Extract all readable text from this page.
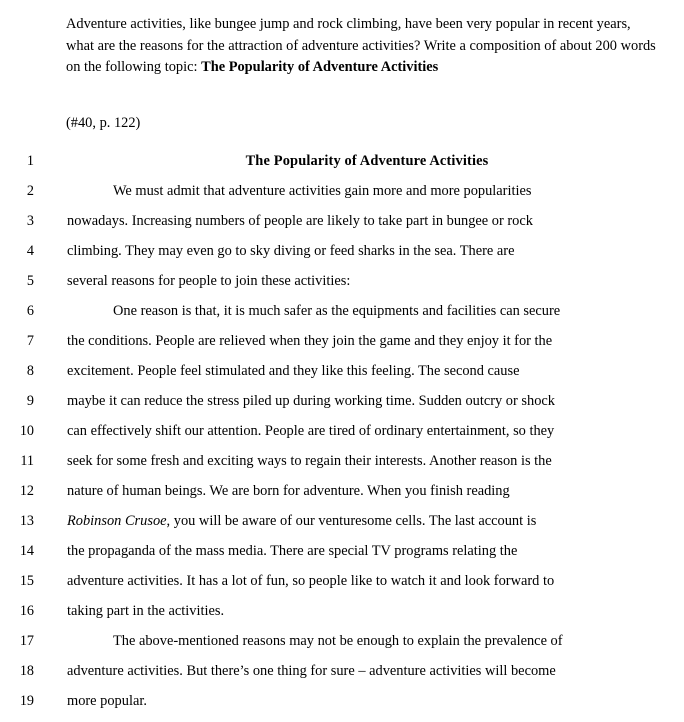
Adventure activities, like bungee jump and rock climbing, have been very popular in recent years, what are the reasons for the attraction of adventure activities? Write a composition of about 200 words on the following topic: The Popularity of Adventure Activities
(#40, p. 122)
1	The Popularity of Adventure Activities
2	We must admit that adventure activities gain more and more popularities
3 nowadays. Increasing numbers of people are likely to take part in bungee or rock
4 climbing. They may even go to sky diving or feed sharks in the sea. There are
5 several reasons for people to join these activities:
6	One reason is that, it is much safer as the equipments and facilities can secure
7 the conditions. People are relieved when they join the game and they enjoy it for the
8 excitement. People feel stimulated and they like this feeling. The second cause
9 maybe it can reduce the stress piled up during working time. Sudden outcry or shock
10 can effectively shift our attention. People are tired of ordinary entertainment, so they
11 seek for some fresh and exciting ways to regain their interests. Another reason is the
12 nature of human beings. We are born for adventure. When you finish reading
13 Robinson Crusoe, you will be aware of our venturesome cells. The last account is
14 the propaganda of the mass media. There are special TV programs relating the
15 adventure activities. It has a lot of fun, so people like to watch it and look forward to
16 taking part in the activities.
17	The above-mentioned reasons may not be enough to explain the prevalence of
18 adventure activities. But there’s one thing for sure – adventure activities will become
19 more popular.
